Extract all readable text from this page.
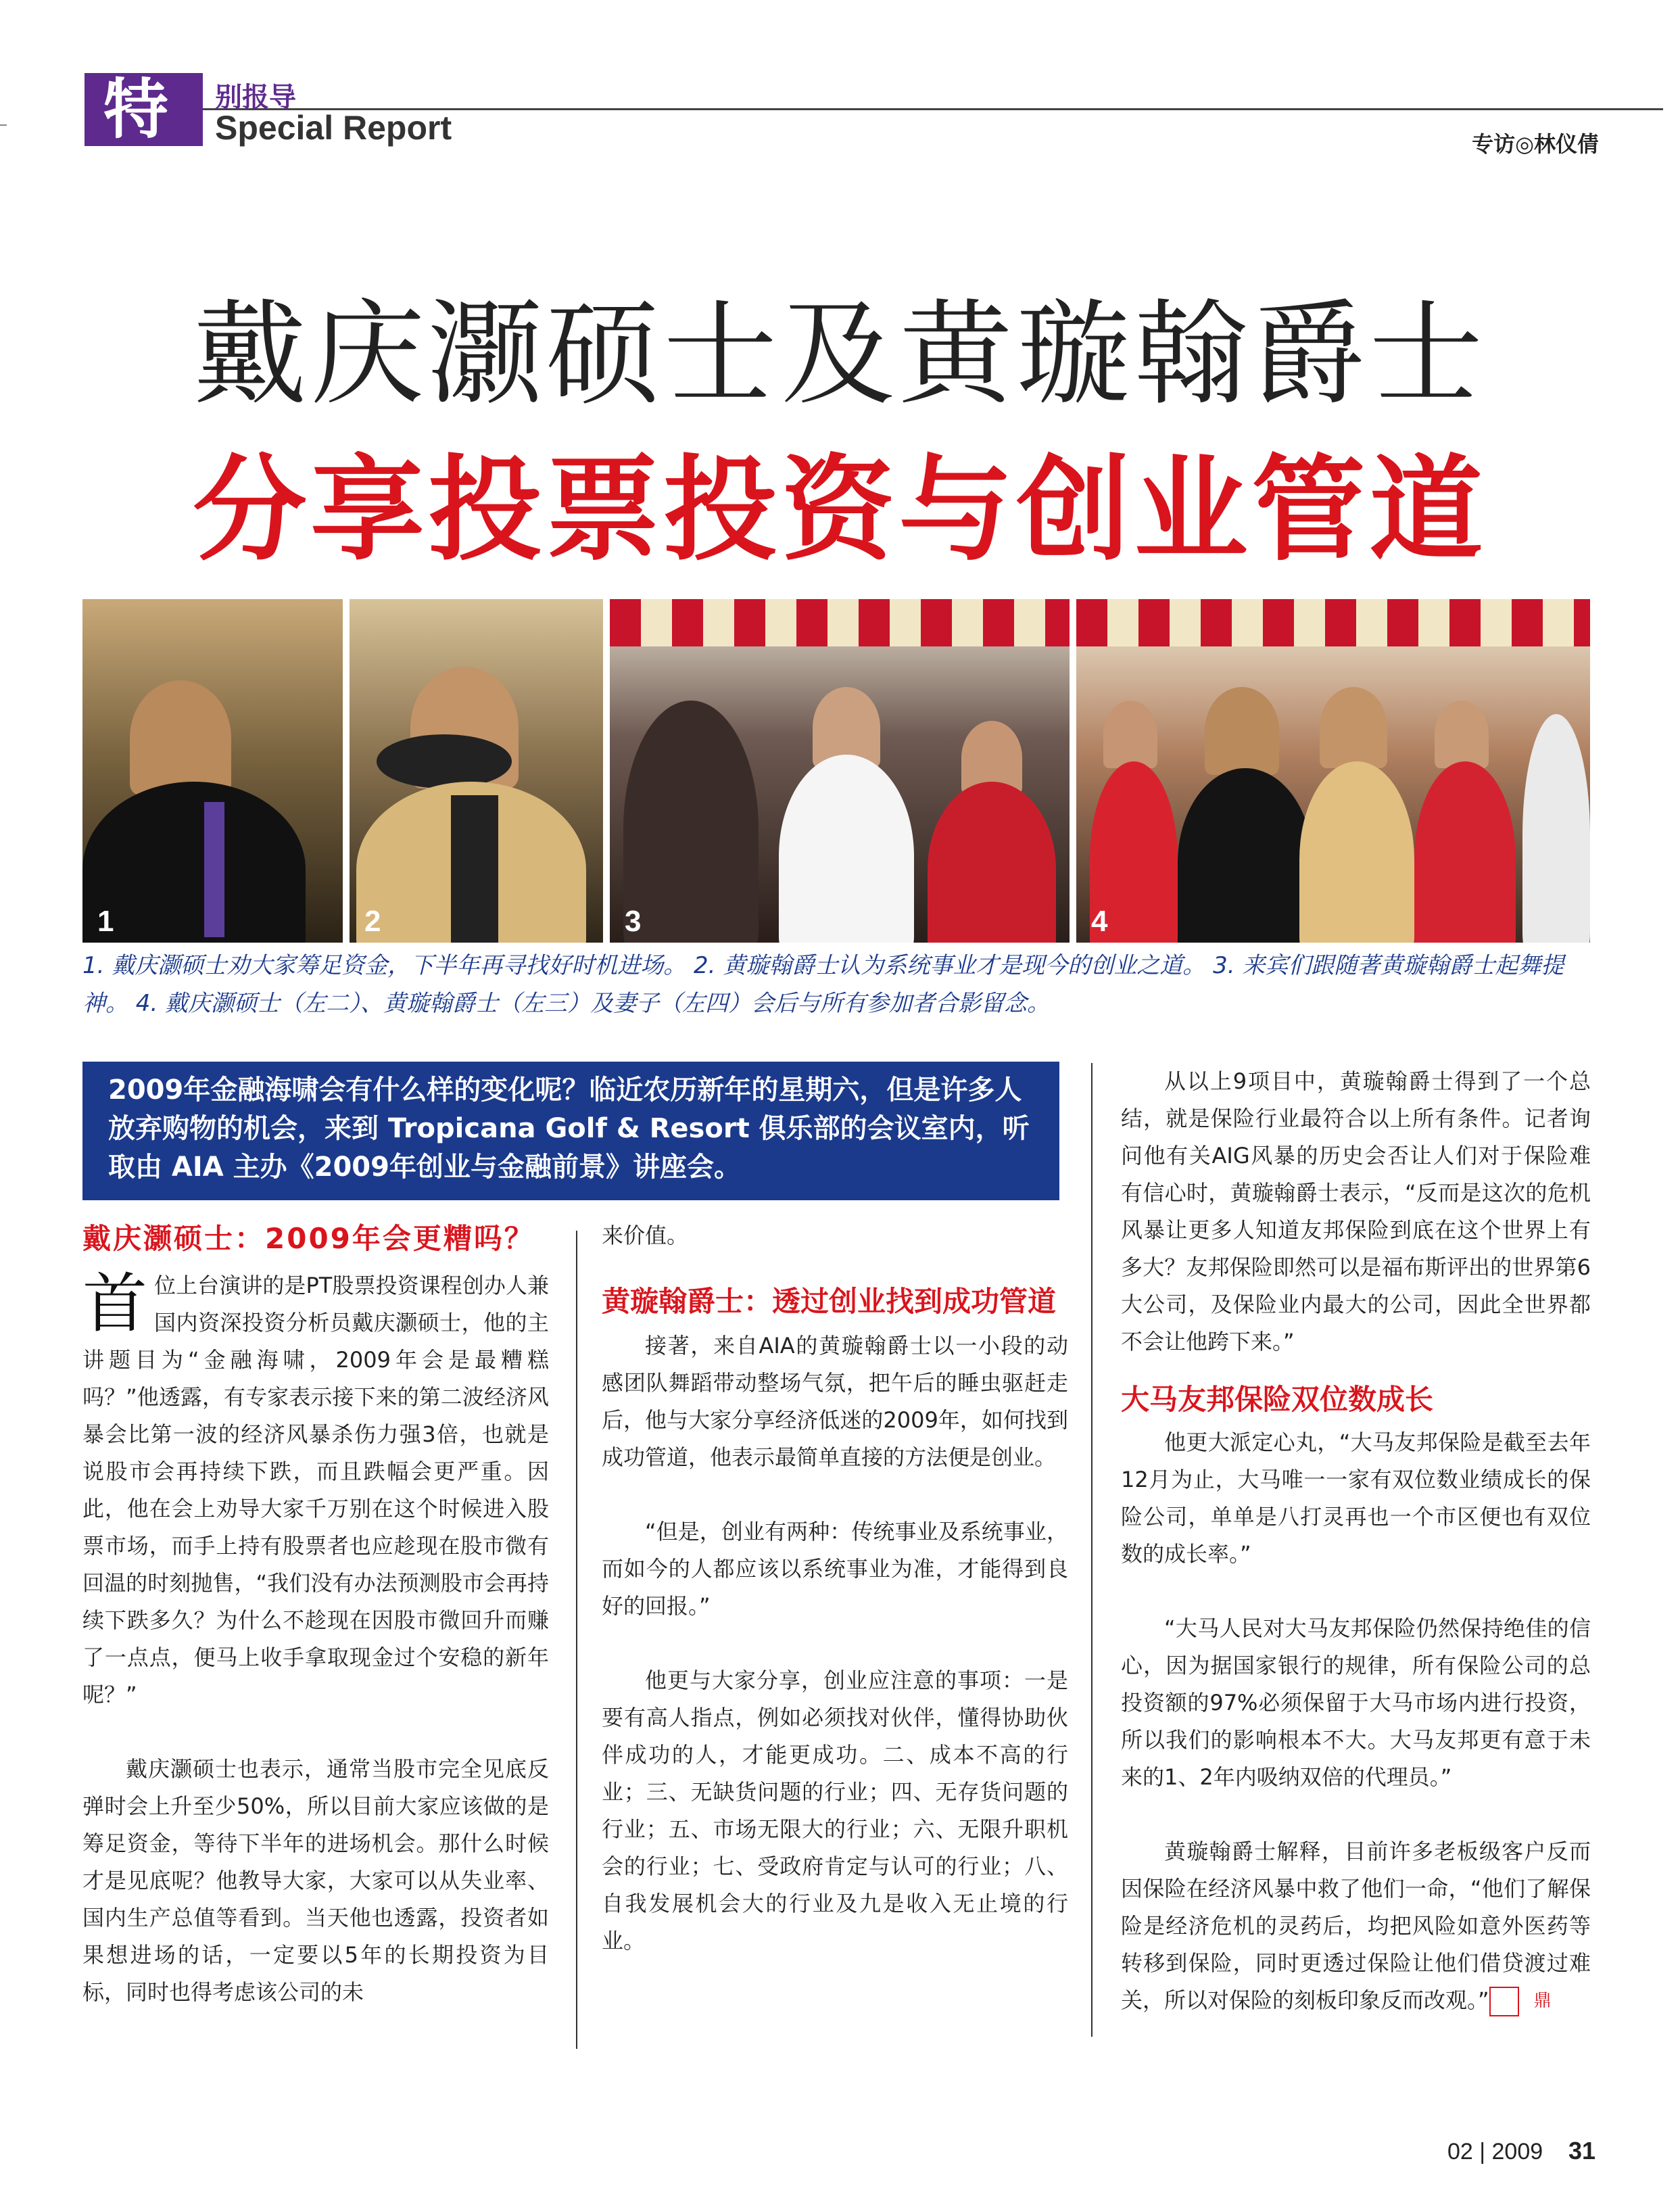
特 别报导
Special Report	专访◎林仪倩
戴庆灏硕士及黄璇翰爵士
分享投票投资与创业管道
1	2	3	4
1. 戴庆灏硕士劝大家筹足资金，下半年再寻找好时机进场。 2. 黄璇翰爵士认为系统事业才是现今的创业之道。 3. 来宾们跟随著黄璇翰爵士起舞提神。 4. 戴庆灏硕士（左二）、黄璇翰爵士（左三）及妻子（左四）会后与所有参加者合影留念。
2009年金融海啸会有什么样的变化呢？临近农历新年的星期六，但是许多人放弃购物的机会，来到 Tropicana Golf & Resort 俱乐部的会议室内，听取由 AIA 主办《2009年创业与金融前景》讲座会。
戴庆灏硕士：2009年会更糟吗？

首位上台演讲的是PT股票投资课程创办人兼国内资深投资分析员戴庆灏硕士，他的主讲题目为“金融海啸，2009年会是最糟糕吗？”他透露，有专家表示接下来的第二波经济风暴会比第一波的经济风暴杀伤力强3倍，也就是说股市会再持续下跌，而且跌幅会更严重。因此，他在会上劝导大家千万别在这个时候进入股票市场，而手上持有股票者也应趁现在股市微有回温的时刻抛售，“我们没有办法预测股市会再持续下跌多久？为什么不趁现在因股市微回升而赚了一点点，便马上收手拿取现金过个安稳的新年呢？”

戴庆灏硕士也表示，通常当股市完全见底反弹时会上升至少50%，所以目前大家应该做的是筹足资金，等待下半年的进场机会。那什么时候才是见底呢？他教导大家，大家可以从失业率、国内生产总值等看到。当天他也透露，投资者如果想进场的话，一定要以5年的长期投资为目标，同时也得考虑该公司的未

来价值。

黄璇翰爵士：透过创业找到成功管道

接著，来自AIA的黄璇翰爵士以一小段的动感团队舞蹈带动整场气氛，把午后的睡虫驱赶走后，他与大家分享经济低迷的2009年，如何找到成功管道，他表示最简单直接的方法便是创业。

“但是，创业有两种：传统事业及系统事业，而如今的人都应该以系统事业为准，才能得到良好的回报。”

他更与大家分享，创业应注意的事项：一是要有高人指点，例如必须找对伙伴，懂得协助伙伴成功的人，才能更成功。二、成本不高的行业；三、无缺货问题的行业；四、无存货问题的行业；五、市场无限大的行业；六、无限升职机会的行业；七、受政府肯定与认可的行业；八、自我发展机会大的行业及九是收入无止境的行业。

从以上9项目中，黄璇翰爵士得到了一个总结，就是保险行业最符合以上所有条件。记者询问他有关AIG风暴的历史会否让人们对于保险难有信心时，黄璇翰爵士表示，“反而是这次的危机风暴让更多人知道友邦保险到底在这个世界上有多大？友邦保险即然可以是福布斯评出的世界第6大公司，及保险业内最大的公司，因此全世界都不会让他跨下来。”

大马友邦保险双位数成长

他更大派定心丸，“大马友邦保险是截至去年12月为止，大马唯一一家有双位数业绩成长的保险公司，单单是八打灵再也一个市区便也有双位数的成长率。”

“大马人民对大马友邦保险仍然保持绝佳的信心，因为据国家银行的规律，所有保险公司的总投资额的97%必须保留于大马市场内进行投资，所以我们的影响根本不大。大马友邦更有意于未来的1、2年内吸纳双倍的代理员。”

黄璇翰爵士解释，目前许多老板级客户反而因保险在经济风暴中救了他们一命，“他们了解保险是经济危机的灵药后，均把风险如意外医药等转移到保险，同时更透过保险让他们借贷渡过难关，所以对保险的刻板印象反而改观。”	鼎

02 | 2009 31
